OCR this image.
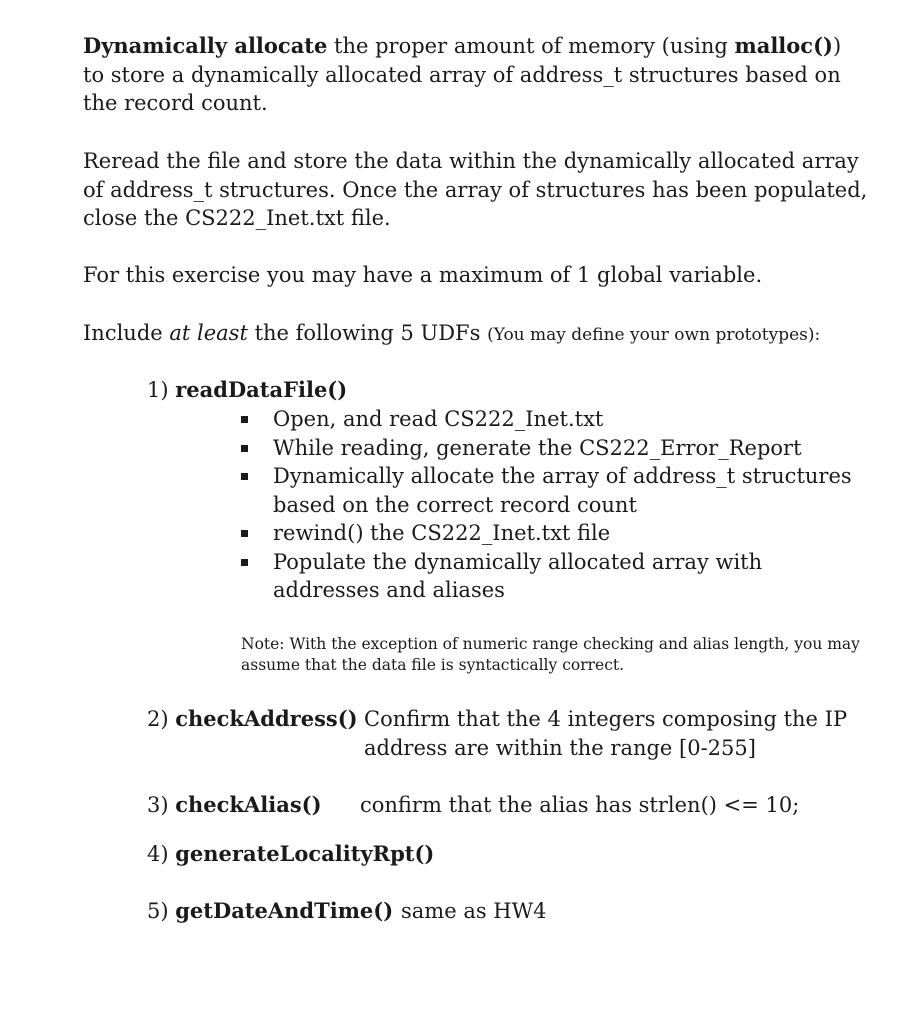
Dynamically allocate the proper amount of memory (using malloc())
to store a dynamically allocated array of address_t structures based on
the record count.

Reread the file and store the data within the dynamically allocated array
of address_t structures. Once the array of structures has been populated,
close the CS222_Inet.txt file.

For this exercise you may have a maximum of 1 global variable.

Include at least the following 5 UDFs (You may define your own prototypes):

1) readDataFile()
Open, and read CS222_Inet.txt
While reading, generate the CS222_Error_Report
Dynamically allocate the array of address_t structures based on the correct record count
rewind() the CS222_Inet.txt file
Populate the dynamically allocated array with addresses and aliases
Note: With the exception of numeric range checking and alias length, you may assume that the data file is syntactically correct.
2) checkAddress() Confirm that the 4 integers composing the IP
address are within the range [0-255]
3) checkAlias() confirm that the alias has strlen() <= 10;
4) generateLocalityRpt()
5) getDateAndTime() same as HW4
